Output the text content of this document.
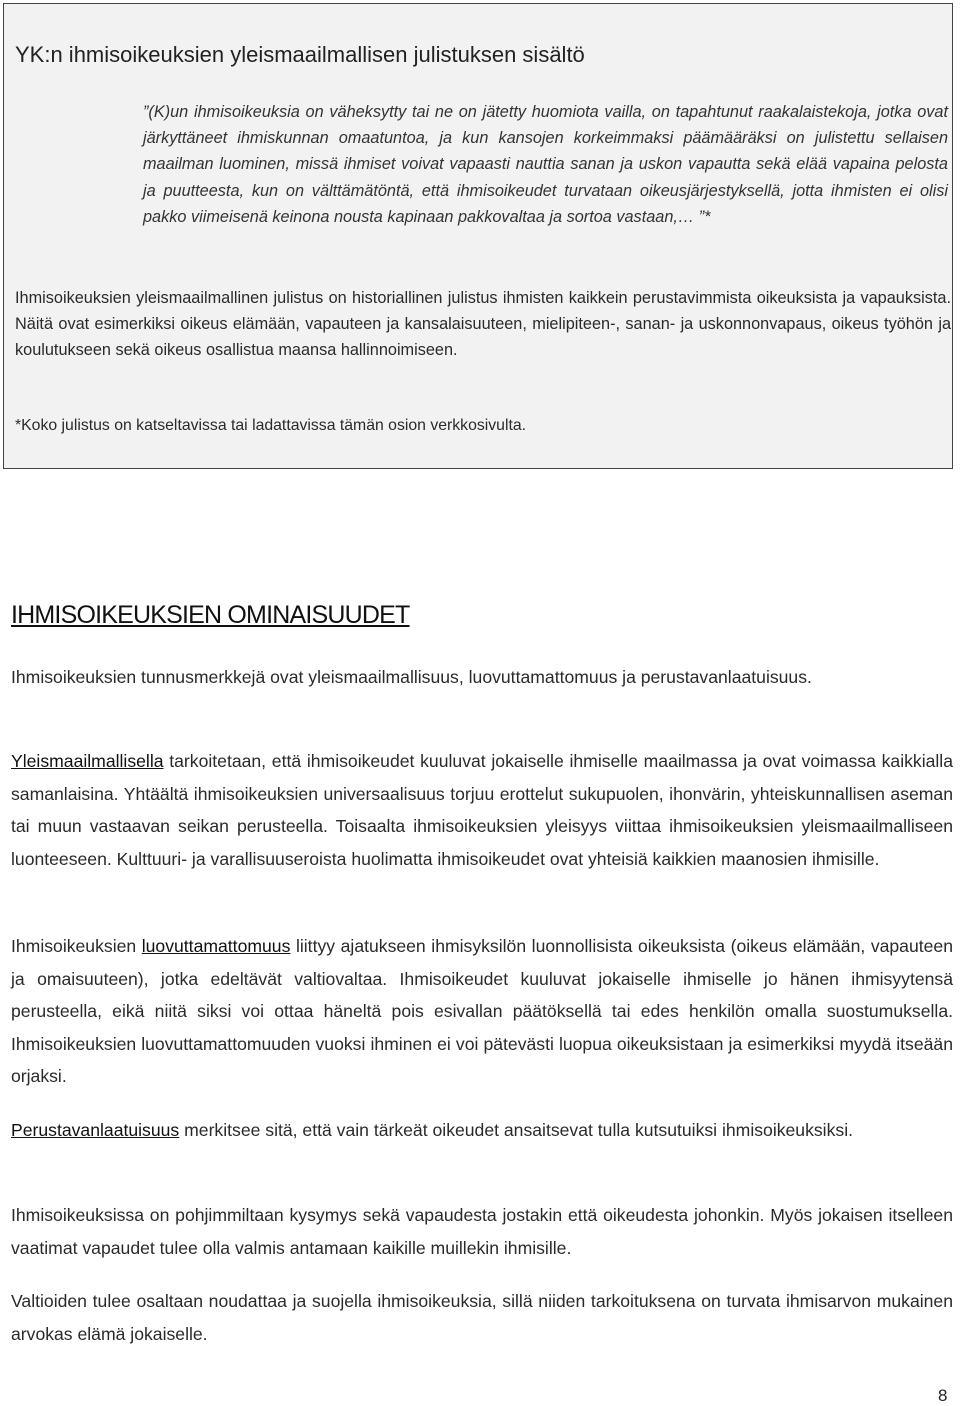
YK:n ihmisoikeuksien yleismaailmallisen julistuksen sisältö

”(K)un ihmisoikeuksia on väheksytty tai ne on jätetty huomiota vailla, on tapahtunut raakalaistekoja, jotka ovat järkyttäneet ihmiskunnan omaatuntoa, ja kun kansojen korkeimmaksi päämääräksi on julistettu sellaisen maailman luominen, missä ihmiset voivat vapaasti nauttia sanan ja uskon vapautta sekä elää vapaina pelosta ja puutteesta, kun on välttämätöntä, että ihmisoikeudet turvataan oikeusjärjestyksellä, jotta ihmisten ei olisi pakko viimeisenä keinona nousta kapinaan pakkovaltaa ja sortoa vastaan,… ”*

Ihmisoikeuksien yleismaailmallinen julistus on historiallinen julistus ihmisten kaikkein perustavimmista oikeuksista ja vapauksista. Näitä ovat esimerkiksi oikeus elämään, vapauteen ja kansalaisuuteen, mielipiteen-, sanan- ja uskonnonvapaus, oikeus työhön ja koulutukseen sekä oikeus osallistua maansa hallinnoimiseen.

*Koko julistus on katseltavissa tai ladattavissa tämän osion verkkosivulta.

IHMISOIKEUKSIEN OMINAISUUDET

Ihmisoikeuksien tunnusmerkkejä ovat yleismaailmallisuus, luovuttamattomuus ja perustavanlaatuisuus.

Yleismaailmallisella tarkoitetaan, että ihmisoikeudet kuuluvat jokaiselle ihmiselle maailmassa ja ovat voimassa kaikkialla samanlaisina. Yhtäältä ihmisoikeuksien universaalisuus torjuu erottelut sukupuolen, ihonvärin, yhteiskunnallisen aseman tai muun vastaavan seikan perusteella. Toisaalta ihmisoikeuksien yleisyys viittaa ihmisoikeuksien yleismaailmalliseen luonteeseen. Kulttuuri- ja varallisuuseroista huolimatta ihmisoikeudet ovat yhteisiä kaikkien maanosien ihmisille.

Ihmisoikeuksien luovuttamattomuus liittyy ajatukseen ihmisyksilön luonnollisista oikeuksista (oikeus elämään, vapauteen ja omaisuuteen), jotka edeltävät valtiovaltaa. Ihmisoikeudet kuuluvat jokaiselle ihmiselle jo hänen ihmisyytensä perusteella, eikä niitä siksi voi ottaa häneltä pois esivallan päätöksellä tai edes henkilön omalla suostumuksella. Ihmisoikeuksien luovuttamattomuuden vuoksi ihminen ei voi pätevästi luopua oikeuksistaan ja esimerkiksi myydä itseään orjaksi.

Perustavanlaatuisuus merkitsee sitä, että vain tärkeät oikeudet ansaitsevat tulla kutsutuiksi ihmisoikeuksiksi.

Ihmisoikeuksissa on pohjimmiltaan kysymys sekä vapaudesta jostakin että oikeudesta johonkin. Myös jokaisen itselleen vaatimat vapaudet tulee olla valmis antamaan kaikille muillekin ihmisille.

Valtioiden tulee osaltaan noudattaa ja suojella ihmisoikeuksia, sillä niiden tarkoituksena on turvata ihmisarvon mukainen arvokas elämä jokaiselle.

8
